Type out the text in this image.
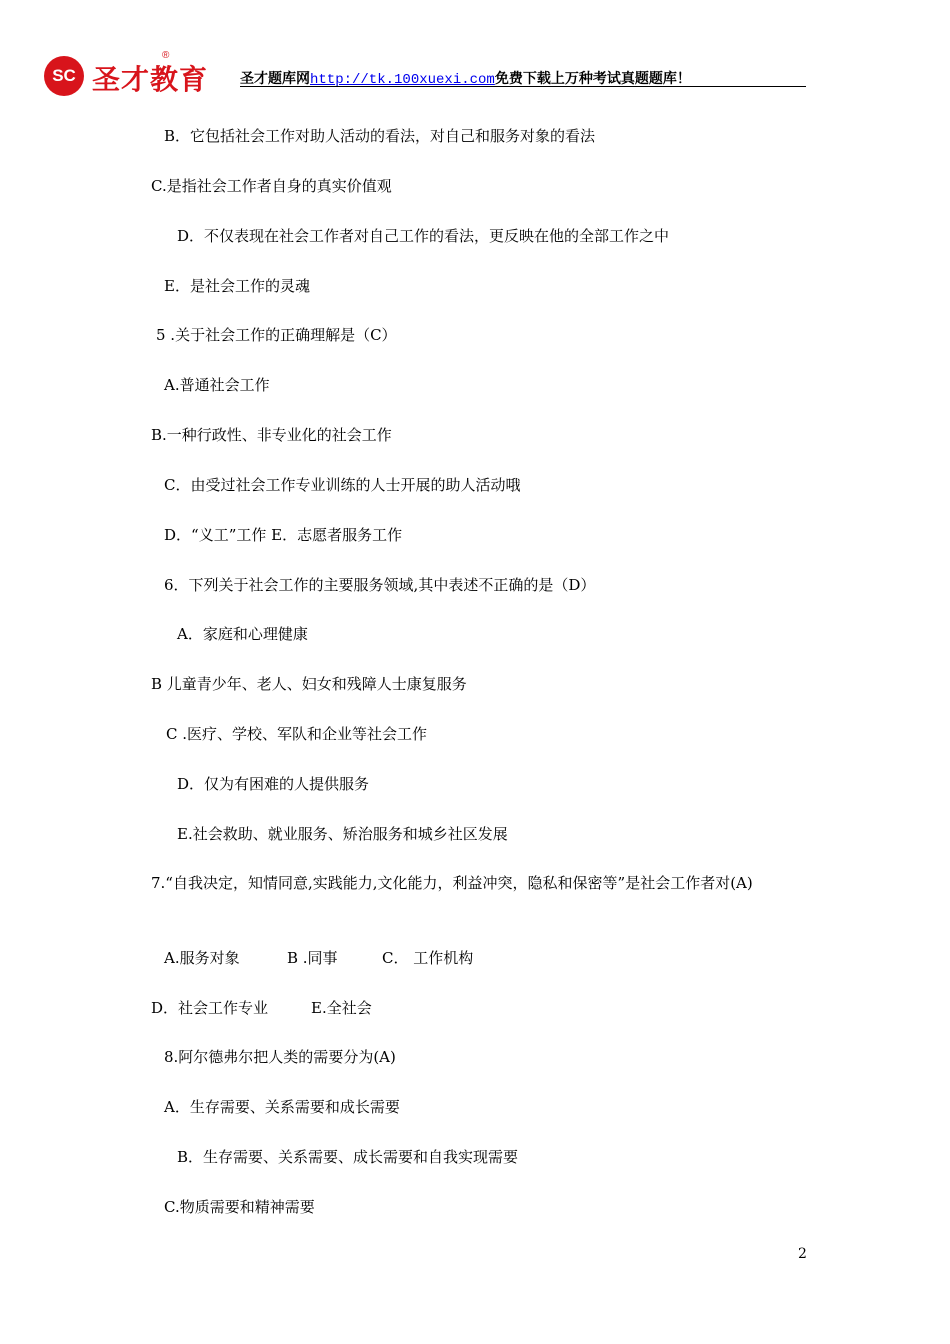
SC 圣才教育
®
圣才题库网http://tk.100xuexi.com免费下载上万种考试真题题库！
B．它包括社会工作对助人活动的看法，对自己和服务对象的看法
C.是指社会工作者自身的真实价值观
D．不仅表现在社会工作者对自己工作的看法，更反映在他的全部工作之中
E．是社会工作的灵魂
5 .关于社会工作的正确理解是（C）
A.普通社会工作
B.一种行政性、非专业化的社会工作
C．由受过社会工作专业训练的人士开展的助人活动哦
D．“义工”工作 E．志愿者服务工作
6．下列关于社会工作的主要服务领域,其中表述不正确的是（D）
A．家庭和心理健康
B 儿童青少年、老人、妇女和残障人士康复服务
C .医疗、学校、军队和企业等社会工作
D．仅为有困难的人提供服务
E.社会救助、就业服务、矫治服务和城乡社区发展
7.“自我决定，知情同意,实践能力,文化能力，利益冲突，隐私和保密等”是社会工作者对(A)
A.服务对象	B .同事	C． 工作机构
D．社会工作专业	E.全社会
8.阿尔德弗尔把人类的需要分为(A)
A．生存需要、关系需要和成长需要
B．生存需要、关系需要、成长需要和自我实现需要
C.物质需要和精神需要
2
